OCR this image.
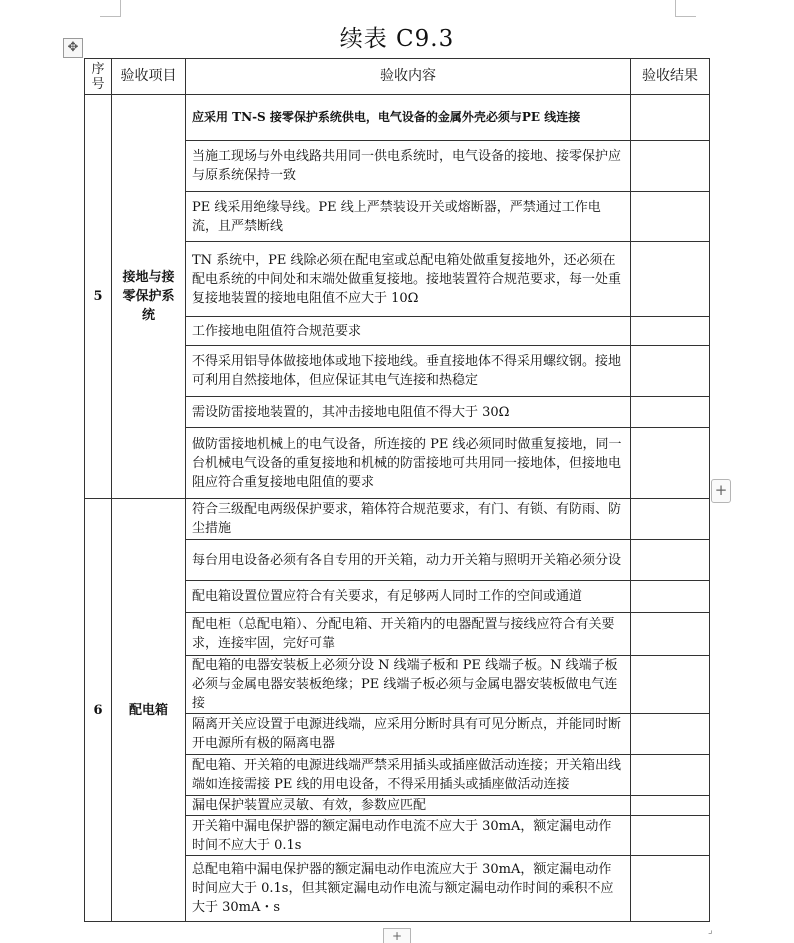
续表 C9.3
✥
序号	验收项目	验收内容	验收结果
5	接地与接零保护系统	应采用 TN-S 接零保护系统供电，电气设备的金属外壳必须与PE 线连接	
		当施工现场与外电线路共用同一供电系统时，电气设备的接地、接零保护应与原系统保持一致	
		PE 线采用绝缘导线。PE 线上严禁装设开关或熔断器，严禁通过工作电流，且严禁断线	
		TN 系统中，PE 线除必须在配电室或总配电箱处做重复接地外，还必须在配电系统的中间处和末端处做重复接地。接地装置符合规范要求，每一处重复接地装置的接地电阻值不应大于 10Ω	
		工作接地电阻值符合规范要求	
		不得采用铝导体做接地体或地下接地线。垂直接地体不得采用螺纹钢。接地可利用自然接地体，但应保证其电气连接和热稳定	
		需设防雷接地装置的，其冲击接地电阻值不得大于 30Ω	
		做防雷接地机械上的电气设备，所连接的 PE 线必须同时做重复接地，同一台机械电气设备的重复接地和机械的防雷接地可共用同一接地体，但接地电阻应符合重复接地电阻值的要求	
6	配电箱	符合三级配电两级保护要求，箱体符合规范要求，有门、有锁、有防雨、防尘措施	
		每台用电设备必须有各自专用的开关箱，动力开关箱与照明开关箱必须分设	
		配电箱设置位置应符合有关要求，有足够两人同时工作的空间或通道	
		配电柜（总配电箱）、分配电箱、开关箱内的电器配置与接线应符合有关要求，连接牢固，完好可靠	
		配电箱的电器安装板上必须分设 N 线端子板和 PE 线端子板。N 线端子板必须与金属电器安装板绝缘；PE 线端子板必须与金属电器安装板做电气连接	
		隔离开关应设置于电源进线端，应采用分断时具有可见分断点，并能同时断开电源所有极的隔离电器	
		配电箱、开关箱的电源进线端严禁采用插头或插座做活动连接；开关箱出线端如连接需接 PE 线的用电设备，不得采用插头或插座做活动连接	
		漏电保护装置应灵敏、有效，参数应匹配	
		开关箱中漏电保护器的额定漏电动作电流不应大于 30mA，额定漏电动作时间不应大于 0.1s	
		总配电箱中漏电保护器的额定漏电动作电流应大于 30mA，额定漏电动作时间应大于 0.1s，但其额定漏电动作电流与额定漏电动作时间的乘积不应大于 30mA・s	
+
+	⌟
